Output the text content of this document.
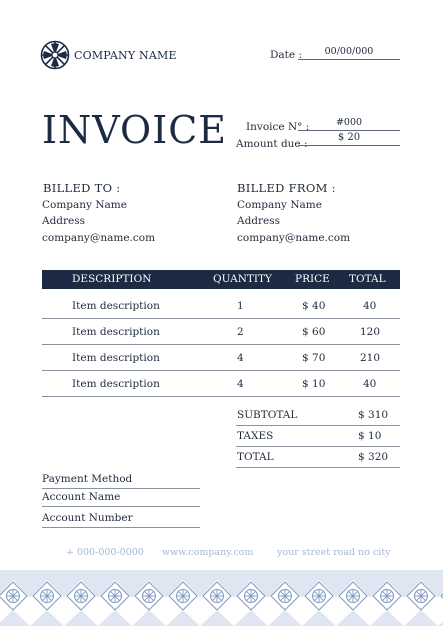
COMPANY NAME	Date :	00/00/000
INVOICE Invoice N° :	#000
Amount due :
$ 20
BILLED TO :
Company Name
Address
company@name.com
BILLED FROM :
Company Name
Address
company@name.com
DESCRIPTION	QUANTITY PRICE TOTAL
Item description	1	$ 40	40
Item description	2	$ 60	120
Item description	4	$ 70	210
Item description	4	$ 10	40
SUBTOTAL	$ 310
TAXES	$ 10
TOTAL	$ 320
Payment Method
Account Name
Account Number
+ 000-000-0000 www.company.com your street road no city
